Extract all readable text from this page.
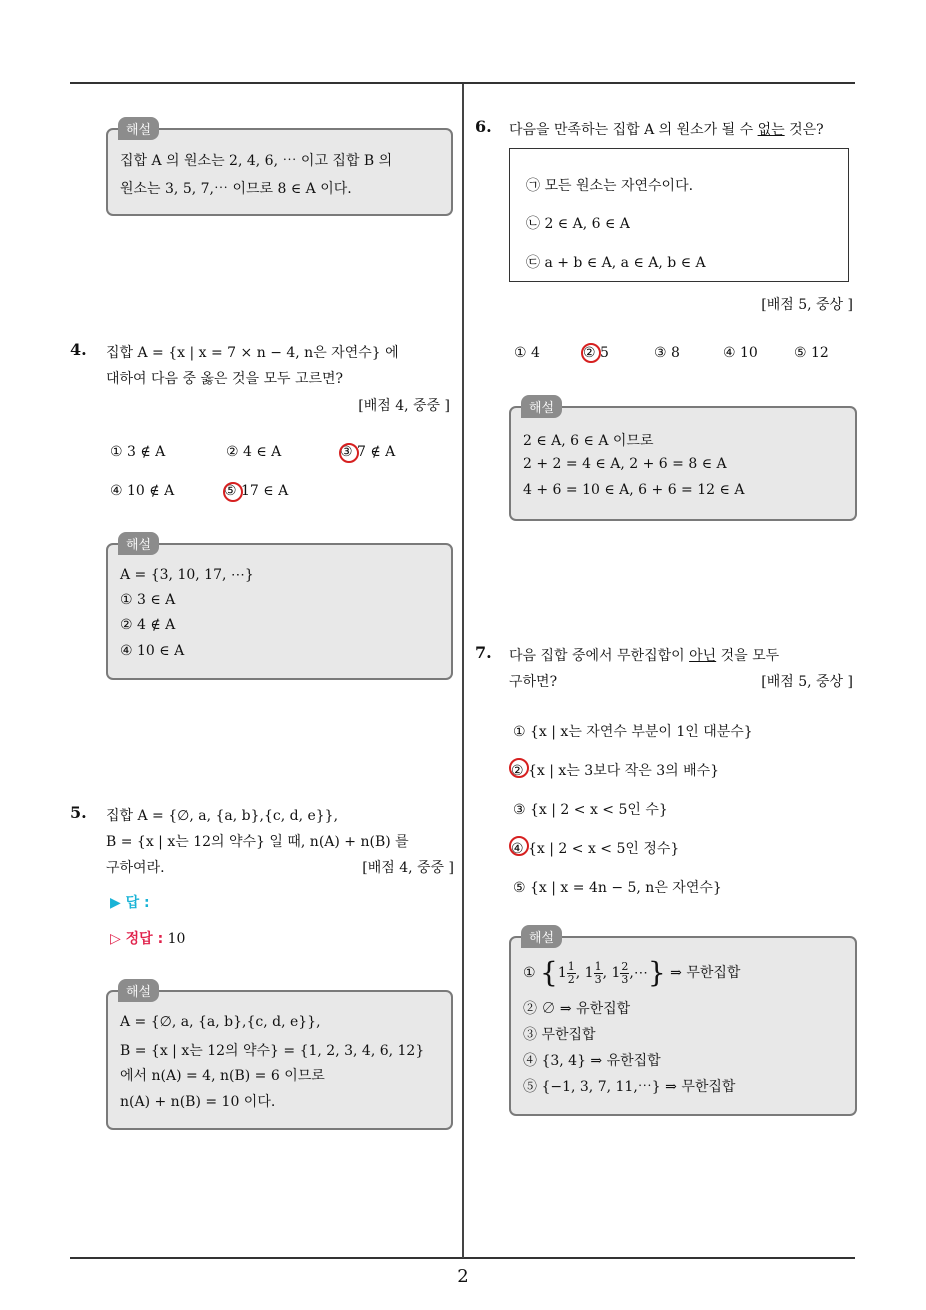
집합 A 의 원소는 2, 4, 6, ⋯ 이고 집합 B 의
원소는 3, 5, 7,⋯ 이므로 8 ∈ A 이다.
해설
4. 집합 A = {x | x = 7 × n − 4, n은 자연수} 에
대하여 다음 중 옳은 것을 모두 고르면?
[배점 4, 중중 ]
① 3 ∉ A	② 4 ∈ A	③ 7 ∉ A
④ 10 ∉ A	⑤ 17 ∈ A
A = {3, 10, 17, ⋯}
① 3 ∈ A
② 4 ∉ A
④ 10 ∈ A
해설
5. 집합 A = {∅, a, {a, b},{c, d, e}},
B = {x | x는 12의 약수} 일 때, n(A) + n(B) 를
구하여라.	[배점 4, 중중 ]
▶ 답 :
▷ 정답 : 10
A = {∅, a, {a, b},{c, d, e}},
B = {x | x는 12의 약수} = {1, 2, 3, 4, 6, 12}
에서 n(A) = 4, n(B) = 6 이므로
n(A) + n(B) = 10 이다.
해설
6. 다음을 만족하는 집합 A 의 원소가 될 수 없는 것은?
㉠ 모든 원소는 자연수이다.
㉡ 2 ∈ A, 6 ∈ A
㉢ a + b ∈ A, a ∈ A, b ∈ A
[배점 5, 중상 ]
① 4	② 5	③ 8	④ 10	⑤ 12
2 ∈ A, 6 ∈ A 이므로
2 + 2 = 4 ∈ A, 2 + 6 = 8 ∈ A
4 + 6 = 10 ∈ A, 6 + 6 = 12 ∈ A
해설
7. 다음 집합 중에서 무한집합이 아닌 것을 모두
구하면?	[배점 5, 중상 ]
① {x | x는 자연수 부분이 1인 대분수}
② {x | x는 3보다 작은 3의 배수}
③ {x | 2 < x < 5인 수}
④ {x | 2 < x < 5인 정수}
⑤ {x | x = 4n − 5, n은 자연수}
① {$1 \frac{1}{2}$ , $1 \frac{1}{3}$ , $1 \frac{2}{3}$ ,⋯} ⇒ 무한집합
② ∅ ⇒ 유한집합
③ 무한집합
④ {3, 4} ⇒ 유한집합
⑤ {−1, 3, 7, 11,⋯} ⇒ 무한집합
해설
2
